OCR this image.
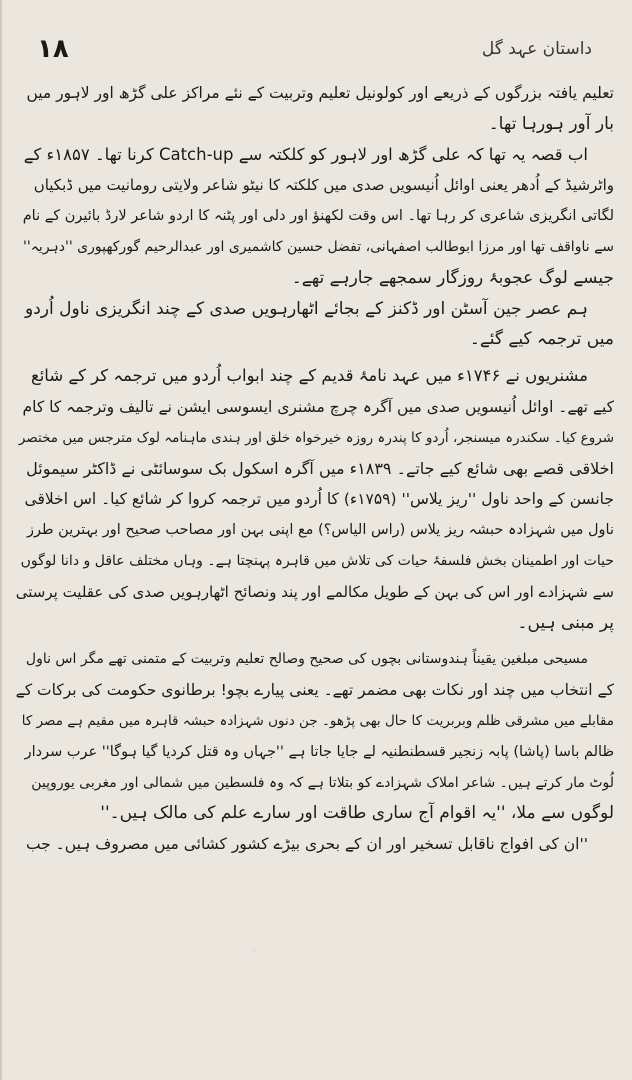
۱۸	داستان عہد گل
تعلیم یافتہ بزرگوں کے ذریعے اور کولونیل تعلیم وتربیت کے نئے مراکز علی گڑھ اور لاہور میں
بار آور ہورہا تھا۔
اب قصہ یہ تھا کہ علی گڑھ اور لاہور کو کلکتہ سے Catch-up کرنا تھا۔ ۱۸۵۷ء کے
واٹرشیڈ کے اُدھر یعنی اوائل اُنیسویں صدی میں کلکتہ کا نیٹو شاعر ولایتی رومانیت میں ڈبکیاں
لگاتی انگریزی شاعری کر رہا تھا۔ اس وقت لکھنؤ اور دلی اور پٹنہ کا اردو شاعر لارڈ بائیرن کے نام
سے ناواقف تھا اور مرزا ابوطالب اصفہانی، تفضل حسین کاشمیری اور عبدالرحیم گورکھپوری ''دہریہ''
جیسے لوگ عجوبۂ روزگار سمجھے جارہے تھے۔
ہم عصر جین آسٹن اور ڈکنز کے بجائے اٹھارہویں صدی کے چند انگریزی ناول اُردو
میں ترجمہ کیے گئے۔
مشنریوں نے ۱۷۴۶ء میں عہد نامۂ قدیم کے چند ابواب اُردو میں ترجمہ کر کے شائع
کیے تھے۔ اوائل اُنیسویں صدی میں آگرہ چرچ مشنری ایسوسی ایشن نے تالیف وترجمہ کا کام
شروع کیا۔ سکندرہ میسنجر، اُردو کا پندرہ روزہ خیرخواہ خلق اور ہندی ماہنامہ لوک مترجس میں مختصر
اخلاقی قصے بھی شائع کیے جاتے۔ ۱۸۳۹ء میں آگرہ اسکول بک سوسائٹی نے ڈاکٹر سیموئل
جانسن کے واحد ناول ''ریز یلاس'' (۱۷۵۹ء) کا اُردو میں ترجمہ کروا کر شائع کیا۔ اس اخلاقی
ناول میں شہزادہ حبشہ ریز یلاس (راس الیاس؟) مع اپنی بہن اور مصاحب صحیح اور بہترین طرز
حیات اور اطمینان بخش فلسفۂ حیات کی تلاش میں قاہرہ پہنچتا ہے۔ وہاں مختلف عاقل و دانا لوگوں
سے شہزادے اور اس کی بہن کے طویل مکالمے اور پند ونصائح اٹھارہویں صدی کی عقلیت پرستی
پر مبنی ہیں۔
مسیحی مبلغین یقیناً ہندوستانی بچوں کی صحیح وصالح تعلیم وتربیت کے متمنی تھے مگر اس ناول
کے انتخاب میں چند اور نکات بھی مضمر تھے۔ یعنی پیارے بچو! برطانوی حکومت کی برکات کے
مقابلے میں مشرقی ظلم وبربریت کا حال بھی پڑھو۔ جن دنوں شہزادہ حبشہ قاہرہ میں مقیم ہے مصر کا
ظالم باسا (پاشا) پابہ زنجیر قسطنطنیہ لے جایا جاتا ہے ''جہاں وہ قتل کردیا گیا ہوگا'' عرب سردار
لُوٹ مار کرتے ہیں۔ شاعر املاک شہزادے کو بتلاتا ہے کہ وہ فلسطین میں شمالی اور مغربی یوروپین
لوگوں سے ملا، ''یہ اقوام آج ساری طاقت اور سارے علم کی مالک ہیں۔''
''ان کی افواج ناقابل تسخیر اور ان کے بحری بیڑے کشور کشائی میں مصروف ہیں۔ جب
